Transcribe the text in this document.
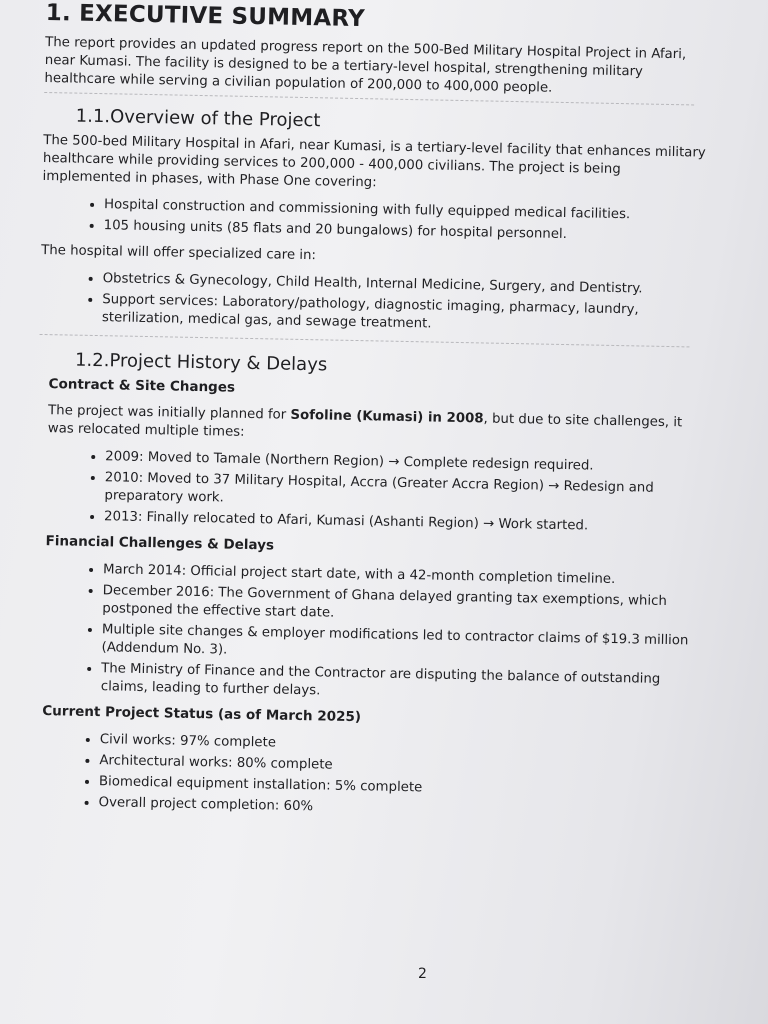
1. EXECUTIVE SUMMARY

The report provides an updated progress report on the 500-Bed Military Hospital Project in Afari, near Kumasi. The facility is designed to be a tertiary-level hospital, strengthening military healthcare while serving a civilian population of 200,000 to 400,000 people.

1.1.Overview of the Project

The 500-bed Military Hospital in Afari, near Kumasi, is a tertiary-level facility that enhances military healthcare while providing services to 200,000 - 400,000 civilians. The project is being implemented in phases, with Phase One covering:

• Hospital construction and commissioning with fully equipped medical facilities.
• 105 housing units (85 flats and 20 bungalows) for hospital personnel.

The hospital will offer specialized care in:

• Obstetrics & Gynecology, Child Health, Internal Medicine, Surgery, and Dentistry.
• Support services: Laboratory/pathology, diagnostic imaging, pharmacy, laundry, sterilization, medical gas, and sewage treatment.
1.2.Project History & Delays
Contract & Site Changes

The project was initially planned for Sofoline (Kumasi) in 2008, but due to site challenges, it was relocated multiple times:

• 2009: Moved to Tamale (Northern Region) → Complete redesign required.
• 2010: Moved to 37 Military Hospital, Accra (Greater Accra Region) → Redesign and preparatory work.
• 2013: Finally relocated to Afari, Kumasi (Ashanti Region) → Work started.
Financial Challenges & Delays
• March 2014: Official project start date, with a 42-month completion timeline.
• December 2016: The Government of Ghana delayed granting tax exemptions, which postponed the effective start date.
• Multiple site changes & employer modifications led to contractor claims of $19.3 million (Addendum No. 3).
• The Ministry of Finance and the Contractor are disputing the balance of outstanding claims, leading to further delays.
Current Project Status (as of March 2025)
• Civil works: 97% complete
• Architectural works: 80% complete
• Biomedical equipment installation: 5% complete
• Overall project completion: 60%
2
